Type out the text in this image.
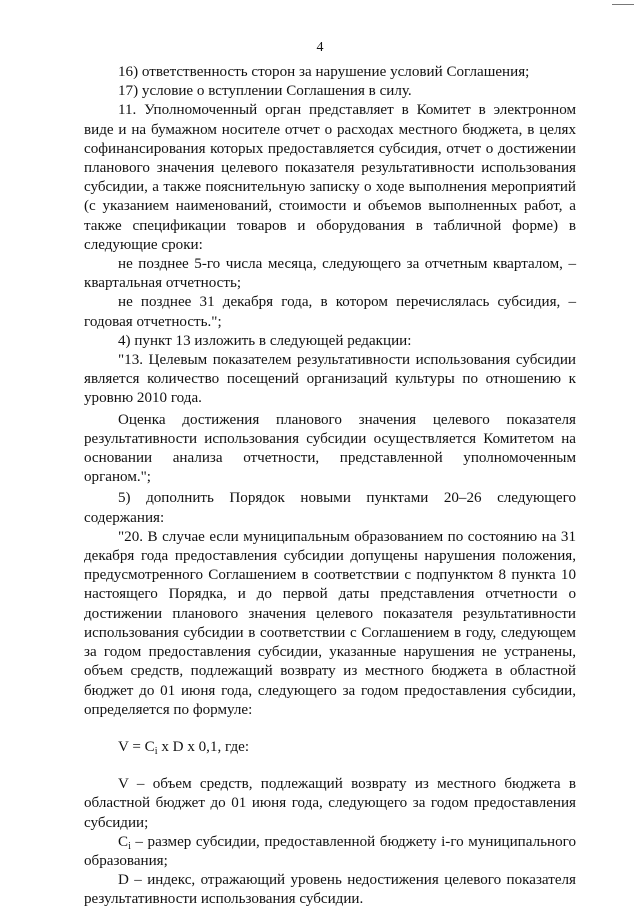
4

16) ответственность сторон за нарушение условий Соглашения;

17) условие о вступлении Соглашения в силу.

11. Уполномоченный орган представляет в Комитет в электронном виде и на бумажном носителе отчет о расходах местного бюджета, в целях софинансирования которых предоставляется субсидия, отчет о достижении планового значения целевого показателя результативности использования субсидии, а также пояснительную записку о ходе выполнения мероприятий (с указанием наименований, стоимости и объемов выполненных работ, а также спецификации товаров и оборудования в табличной форме) в следующие сроки:

не позднее 5-го числа месяца, следующего за отчетным кварталом, – квартальная отчетность;

не позднее 31 декабря года, в котором перечислялась субсидия, – годовая отчетность.";

4) пункт 13 изложить в следующей редакции:

"13. Целевым показателем результативности использования субсидии является количество посещений организаций культуры по отношению к уровню 2010 года.

Оценка достижения планового значения целевого показателя результативности использования субсидии осуществляется Комитетом на основании анализа отчетности, представленной уполномоченным органом.";

5) дополнить Порядок новыми пунктами 20–26 следующего содержания:

"20. В случае если муниципальным образованием по состоянию на 31 декабря года предоставления субсидии допущены нарушения положения, предусмотренного Соглашением в соответствии с подпунктом 8 пункта 10 настоящего Порядка, и до первой даты представления отчетности о достижении планового значения целевого показателя результативности использования субсидии в соответствии с Соглашением в году, следующем за годом предоставления субсидии, указанные нарушения не устранены, объем средств, подлежащий возврату из местного бюджета в областной бюджет до 01 июня года, следующего за годом предоставления субсидии, определяется по формуле:

$V = C_i$ x D x 0,1, где:

V – объем средств, подлежащий возврату из местного бюджета в областной бюджет до 01 июня года, следующего за годом предоставления субсидии;

$C_i$ – размер субсидии, предоставленной бюджету i-го муниципального образования;

D – индекс, отражающий уровень недостижения целевого показателя результативности использования субсидии.
